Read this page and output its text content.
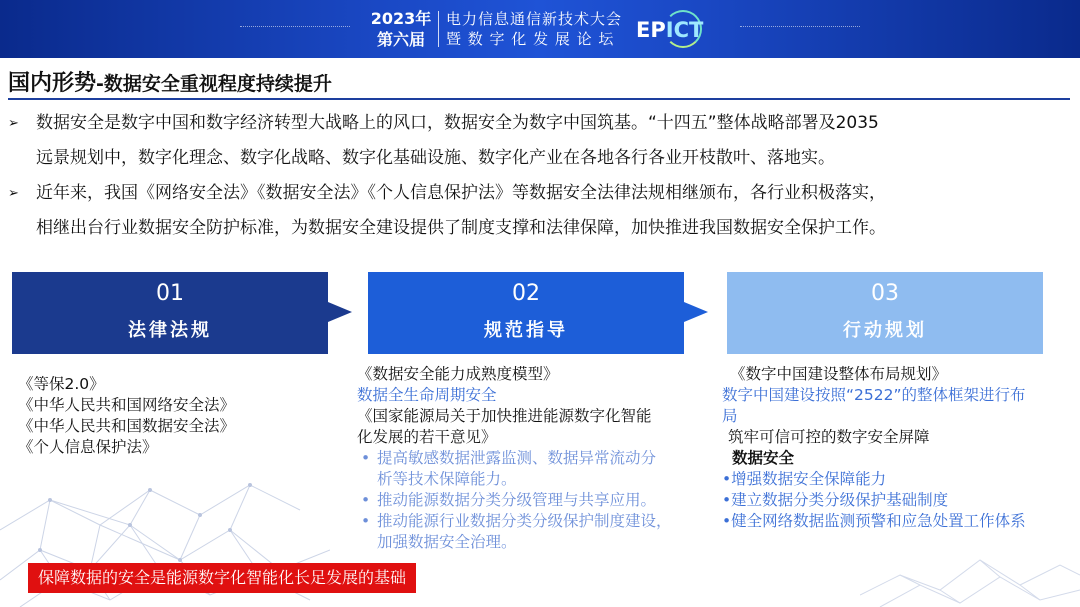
2023年
第六届
电力信息通信新技术大会
暨 数 字 化 发 展 论 坛	EPICT
国内形势-数据安全重视程度持续提升
➢	数据安全是数字中国和数字经济转型大战略上的风口，数据安全为数字中国筑基。“十四五”整体战略部署及2035
远景规划中，数字化理念、数字化战略、数字化基础设施、数字化产业在各地各行各业开枝散叶、落地实。
➢	近年来，我国《网络安全法》《数据安全法》《个人信息保护法》等数据安全法律法规相继颁布，各行业积极落实，
相继出台行业数据安全防护标准，为数据安全建设提供了制度支撑和法律保障，加快推进我国数据安全保护工作。
01
法律法规
02
规范指导
03
行动规划
《等保2.0》
《中华人民共和国网络安全法》
《中华人民共和国数据安全法》
《个人信息保护法》
《数据安全能力成熟度模型》
数据全生命周期安全
《国家能源局关于加快推进能源数字化智能
化发展的若干意见》
• 提高敏感数据泄露监测、数据异常流动分
析等技术保障能力。
• 推动能源数据分类分级管理与共享应用。
• 推动能源行业数据分类分级保护制度建设，
加强数据安全治理。
《数字中国建设整体布局规划》
数字中国建设按照“2522”的整体框架进行布
局
筑牢可信可控的数字安全屏障
数据安全
•增强数据安全保障能力
•建立数据分类分级保护基础制度
•健全网络数据监测预警和应急处置工作体系
保障数据的安全是能源数字化智能化长足发展的基础
